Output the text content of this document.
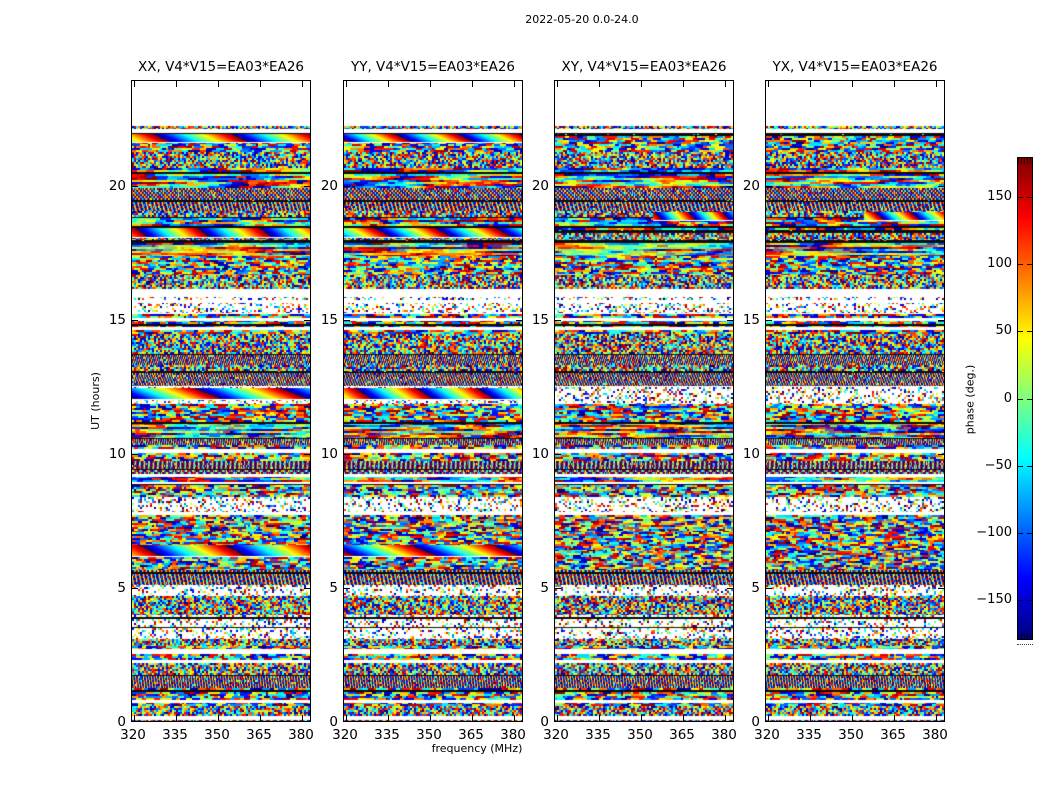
2022-05-20 0.0-24.0
UT (hours)
frequency (MHz)
XX, V4*V15=EA03*EA26
20
15
10
5
0
320	335	350	365	380
YY, V4*V15=EA03*EA26
20
15
10
5
0
320	335	350	365	380
XY, V4*V15=EA03*EA26
20
15
10
5
0
320	335	350	365	380
YX, V4*V15=EA03*EA26
20
15
10
5
0
320	335	350	365	380
150
100
50
0
−50
−100
−150
phase (deg.)
